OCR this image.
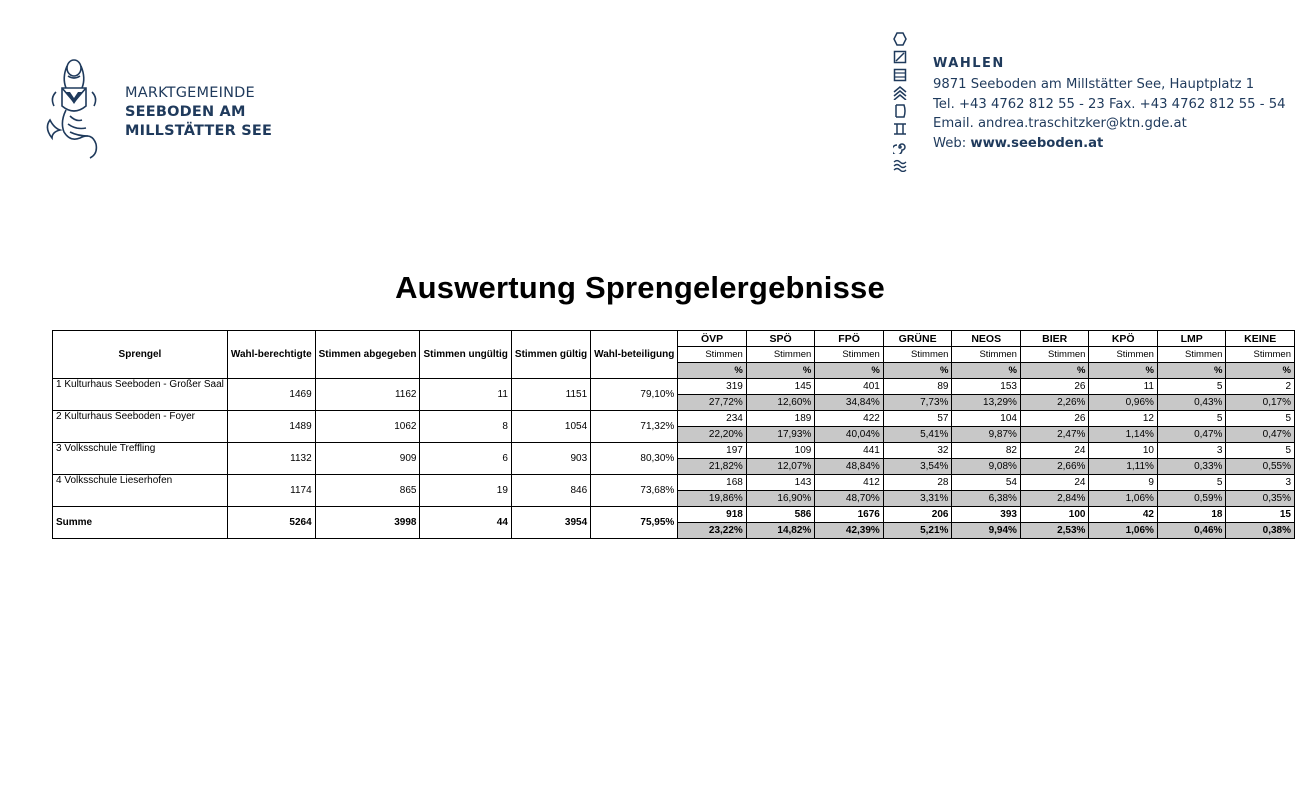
MARKTGEMEINDE
SEEBODEN AM
MILLSTÄTTER SEE
WAHLEN
9871 Seeboden am Millstätter See, Hauptplatz 1
Tel. +43 4762 812 55 - 23 Fax. +43 4762 812 55 - 54
Email. andrea.traschitzker@ktn.gde.at
Web: www.seeboden.at
Auswertung Sprengelergebnisse
Sprengel	Wahl-berechtigte	Stimmen abgegeben	Stimmen ungültig	Stimmen gültig	Wahl-beteiligung	ÖVP	SPÖ	FPÖ	GRÜNE	NEOS	BIER	KPÖ	LMP	KEINE
						Stimmen	Stimmen	Stimmen	Stimmen	Stimmen	Stimmen	Stimmen	Stimmen	Stimmen
						%	%	%	%	%	%	%	%	%
1 Kulturhaus Seeboden - Großer Saal	1469	1162	11	1151	79,10%	319	145	401	89	153	26	11	5	2
						27,72%	12,60%	34,84%	7,73%	13,29%	2,26%	0,96%	0,43%	0,17%
2 Kulturhaus Seeboden - Foyer	1489	1062	8	1054	71,32%	234	189	422	57	104	26	12	5	5
						22,20%	17,93%	40,04%	5,41%	9,87%	2,47%	1,14%	0,47%	0,47%
3 Volksschule Treffling	1132	909	6	903	80,30%	197	109	441	32	82	24	10	3	5
						21,82%	12,07%	48,84%	3,54%	9,08%	2,66%	1,11%	0,33%	0,55%
4 Volksschule Lieserhofen	1174	865	19	846	73,68%	168	143	412	28	54	24	9	5	3
						19,86%	16,90%	48,70%	3,31%	6,38%	2,84%	1,06%	0,59%	0,35%
Summe	5264	3998	44	3954	75,95%	918	586	1676	206	393	100	42	18	15
						23,22%	14,82%	42,39%	5,21%	9,94%	2,53%	1,06%	0,46%	0,38%
